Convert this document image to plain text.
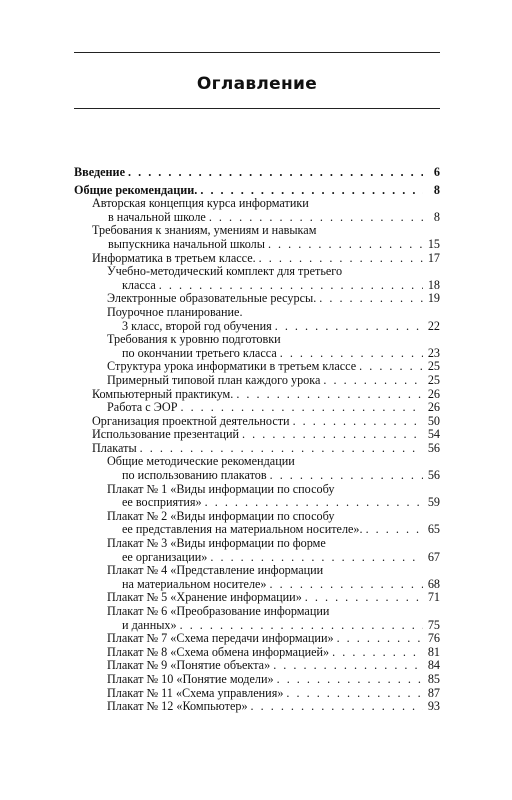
Оглавление
Введение . . .	6
Общие рекомендации. . . .	8
Авторская концепция курса информатики
в начальной школе . . .	8
Требования к знаниям, умениям и навыкам
выпускника начальной школы . . .	15
Информатика в третьем классе. . . .	17
Учебно-методический комплект для третьего
класса . . .	18
Электронные образовательные ресурсы. . . .	19
Поурочное планирование.
3 класс, второй год обучения . . .	22
Требования к уровню подготовки
по окончании третьего класса . . .	23
Структура урока информатики в третьем классе . . .	25
Примерный типовой план каждого урока . . .	25
Компьютерный практикум. . . .	26
Работа с ЭОР . . .	26
Организация проектной деятельности . . .	50
Использование презентаций . . .	54
Плакаты . . .	56
Общие методические рекомендации
по использованию плакатов . . .	56
Плакат № 1 «Виды информации по способу
ее восприятия» . . .	59
Плакат № 2 «Виды информации по способу
ее представления на материальном носителе». . . .	65
Плакат № 3 «Виды информации по форме
ее организации» . . .	67
Плакат № 4 «Представление информации
на материальном носителе» . . .	68
Плакат № 5 «Хранение информации» . . .	71
Плакат № 6 «Преобразование информации
и данных» . . .	75
Плакат № 7 «Схема передачи информации» . . .	76
Плакат № 8 «Схема обмена информацией» . . .	81
Плакат № 9 «Понятие объекта» . . .	84
Плакат № 10 «Понятие модели» . . .	85
Плакат № 11 «Схема управления» . . .	87
Плакат № 12 «Компьютер» . . .	93
